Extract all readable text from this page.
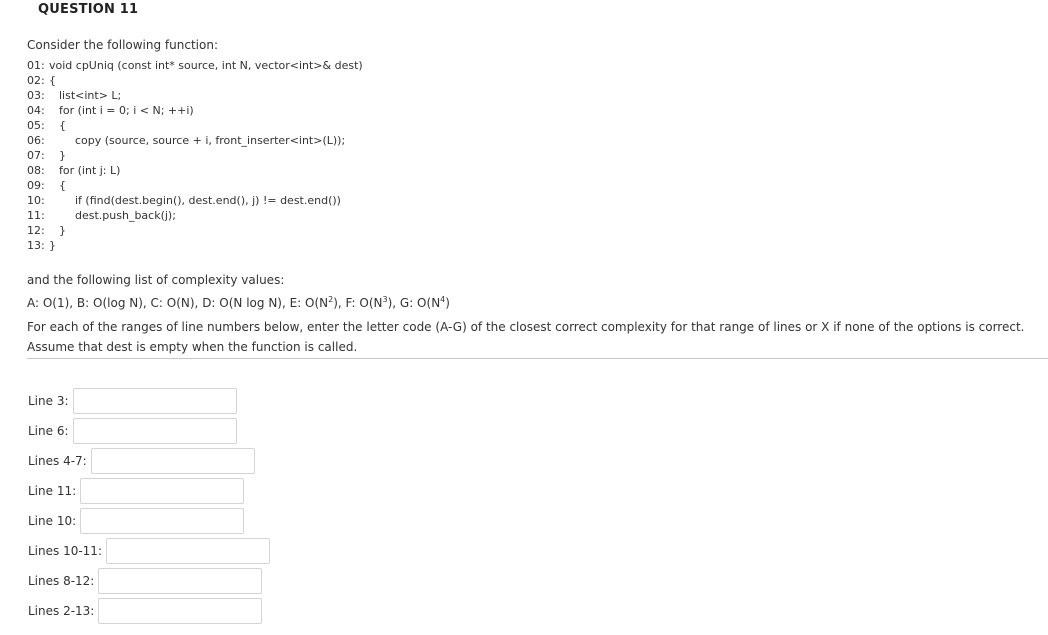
QUESTION 11
Consider the following function:
01: void cpUniq (const int* source, int N, vector<int>& dest)
02: {
03: list<int> L;
04: for (int i = 0; i < N; ++i)
05: {
06:	copy (source, source + i, front_inserter<int>(L));
07: }
08: for (int j: L)
09: {
10:	if (find(dest.begin(), dest.end(), j) != dest.end())
11:	dest.push_back(j);
12: }
13: }
and the following list of complexity values:
A: O(1), B: O(log N), C: O(N), D: O(N log N), E: $O(N^2)$, F: $O(N^3)$, G: $O(N^4)$
For each of the ranges of line numbers below, enter the letter code (A-G) of the closest correct complexity for that range of lines or X if none of the options is correct. Assume that dest is empty when the function is called.
Line 3:
Line 6:
Lines 4-7:
Line 11:
Line 10:
Lines 10-11:
Lines 8-12:
Lines 2-13:
